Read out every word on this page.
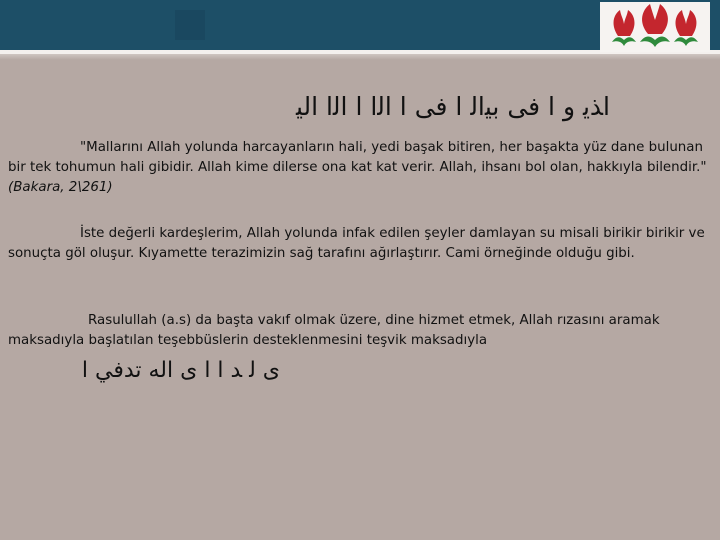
اﺬﻳ ﻭ ﺍ ﻓﻰ ﺑﻴﺍﻟ ﺍ ﻓﻰ ﺍ ﺍﻟﺍ ﺍ ﺍﻟﺍ ﺍﻟﻴ
"Mallarını Allah yolunda harcayanların hali, yedi başak bitiren, her başakta yüz dane bulunan bir tek tohumun hali gibidir. Allah kime dilerse ona kat kat verir. Allah, ihsanı bol olan, hakkıyla bilendir." (Bakara, 2\261)
İste değerli kardeşlerim, Allah yolunda infak edilen şeyler damlayan su misali birikir birikir ve sonuçta göl oluşur. Kıyamette terazimizin sağ tarafını ağırlaştırır. Cami örneğinde olduğu gibi.
Rasulullah (a.s) da başta vakıf olmak üzere, dine hizmet etmek, Allah rızasını aramak maksadıyla başlatılan teşebbüslerin desteklenmesini teşvik maksadıyla
ﻯ ﻟ ﺪ ﺍ ﺍ ﻯ ﺍﻟﻪ ﺗﺪﻓﻲ ﺍ
